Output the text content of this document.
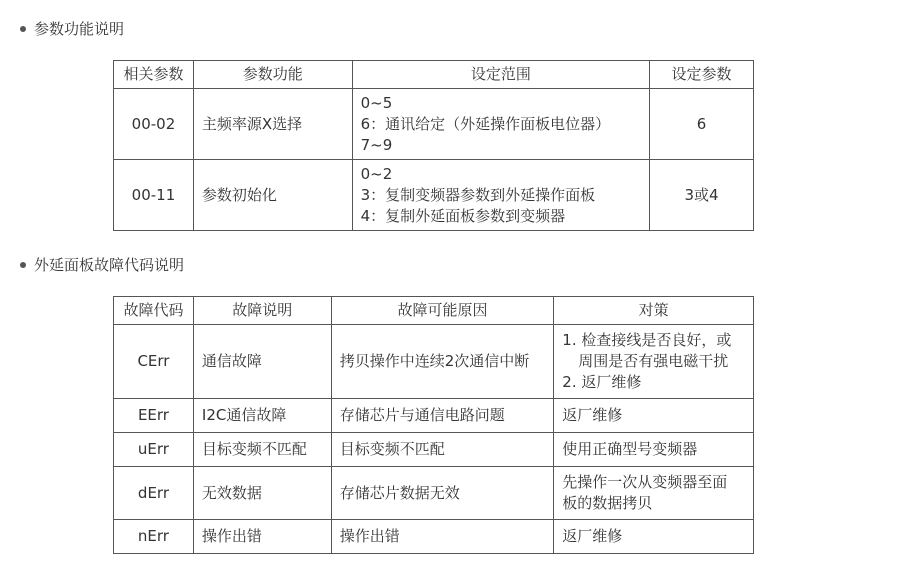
参数功能说明
相关参数	参数功能	设定范围	设定参数
00-02	主频率源X选择	0~5
6：通讯给定（外延操作面板电位器）
7~9	6
00-11	参数初始化	0~2
3：复制变频器参数到外延操作面板
4：复制外延面板参数到变频器	3或4
外延面板故障代码说明
故障代码	故障说明	故障可能原因	对策
CErr	通信故障	拷贝操作中连续2次通信中断	1. 检查接线是否良好，或
周围是否有强电磁干扰
2. 返厂维修

EErr	I2C通信故障	存储芯片与通信电路问题	返厂维修
uErr	目标变频不匹配	目标变频不匹配	使用正确型号变频器
dErr	无效数据	存储芯片数据无效	先操作一次从变频器至面
板的数据拷贝

nErr	操作出错	操作出错	返厂维修
